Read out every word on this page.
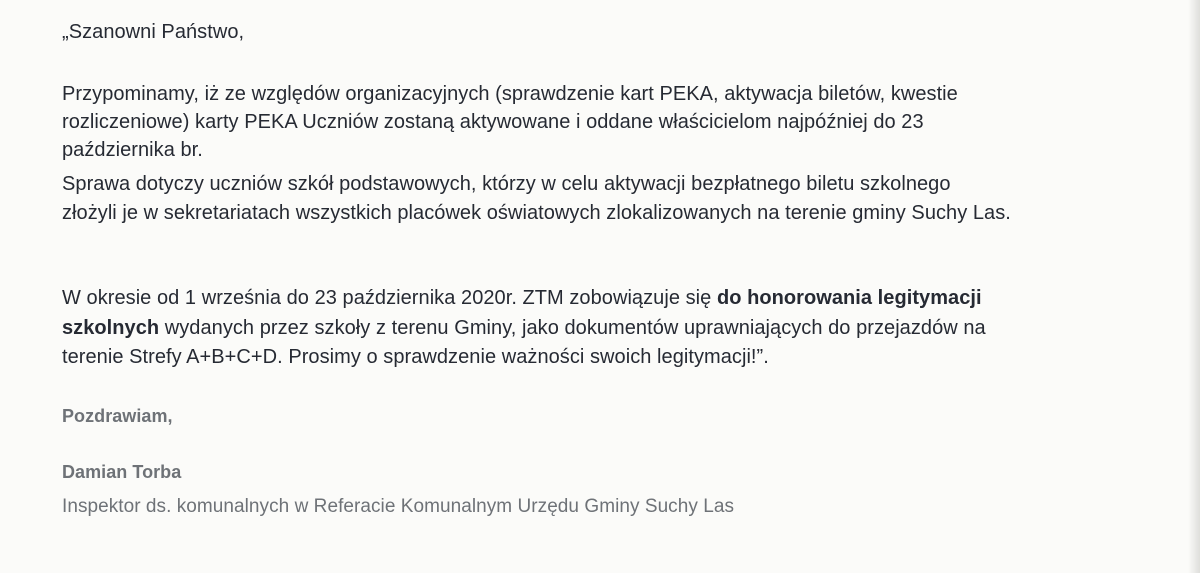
„Szanowni Państwo,
Przypominamy, iż ze względów organizacyjnych (sprawdzenie kart PEKA, aktywacja biletów, kwestie
rozliczeniowe) karty PEKA Uczniów zostaną aktywowane i oddane właścicielom najpóźniej do 23
października br.
Sprawa dotyczy uczniów szkół podstawowych, którzy w celu aktywacji bezpłatnego biletu szkolnego
złożyli je w sekretariatach wszystkich placówek oświatowych zlokalizowanych na terenie gminy Suchy Las.
W okresie od 1 września do 23 października 2020r. ZTM zobowiązuje się do honorowania legitymacji
szkolnych wydanych przez szkoły z terenu Gminy, jako dokumentów uprawniających do przejazdów na
terenie Strefy A+B+C+D. Prosimy o sprawdzenie ważności swoich legitymacji!”.
Pozdrawiam,
Damian Torba
Inspektor ds. komunalnych w Referacie Komunalnym Urzędu Gminy Suchy Las
